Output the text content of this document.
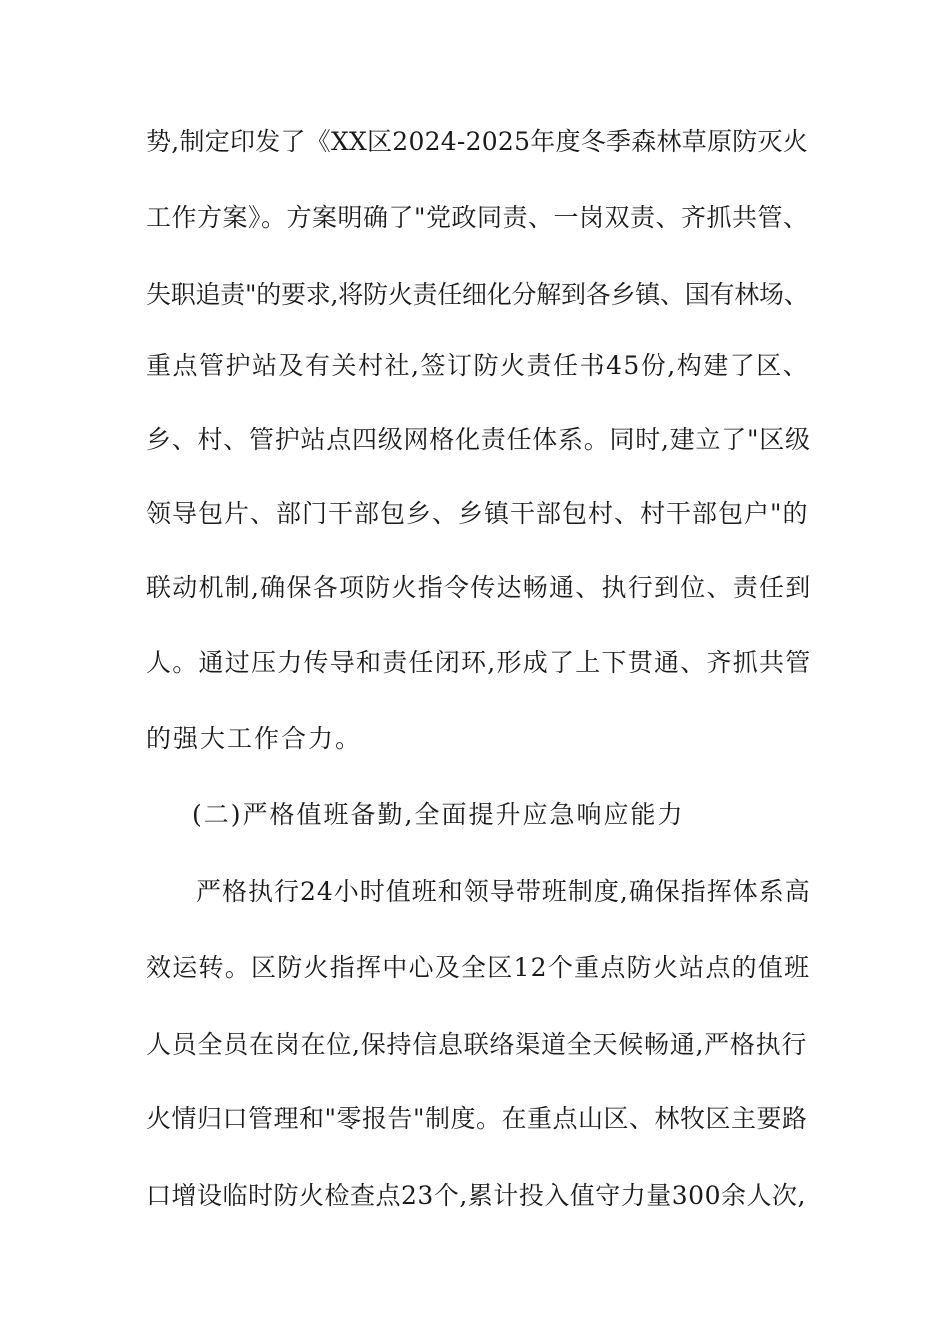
势,制定印发了《XX区2024-2025年度冬季森林草原防灭火
工作方案》。方案明确了"党政同责、一岗双责、齐抓共管、
失职追责"的要求,将防火责任细化分解到各乡镇、国有林场、
重点管护站及有关村社,签订防火责任书45份,构建了区、
乡、村、管护站点四级网格化责任体系。同时,建立了"区级
领导包片、部门干部包乡、乡镇干部包村、村干部包户"的
联动机制,确保各项防火指令传达畅通、执行到位、责任到
人。通过压力传导和责任闭环,形成了上下贯通、齐抓共管
的强大工作合力。
(二)严格值班备勤,全面提升应急响应能力
严格执行24小时值班和领导带班制度,确保指挥体系高
效运转。区防火指挥中心及全区12个重点防火站点的值班
人员全员在岗在位,保持信息联络渠道全天候畅通,严格执行
火情归口管理和"零报告"制度。在重点山区、林牧区主要路
口增设临时防火检查点23个,累计投入值守力量300余人次,
